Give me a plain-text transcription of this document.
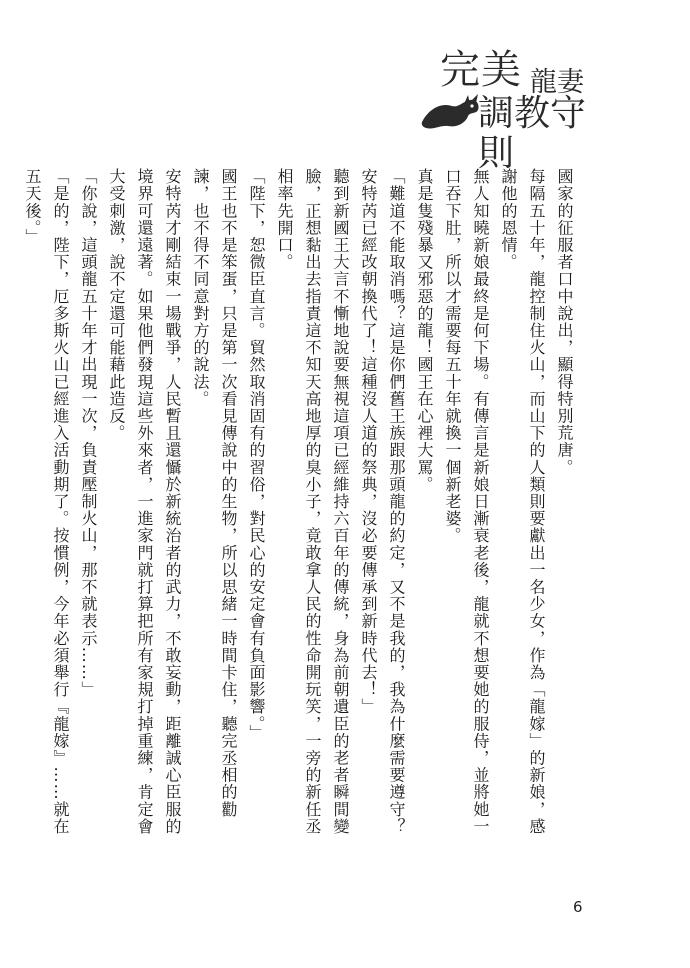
完美 龍妻
調教守則
國家的征服者口中說出，顯得特別荒唐。
每隔五十年，龍控制住火山，而山下的人類則要獻出一名少女，作為「龍嫁」的新娘，感謝他的恩情。
無人知曉新娘最終是何下場。有傳言是新娘日漸衰老後，龍就不想要她的服侍，並將她一口吞下肚，所以才需要每五十年就換一個新老婆。
真是隻殘暴又邪惡的龍！國王在心裡大罵。
「難道不能取消嗎？這是你們舊王族跟那頭龍的約定，又不是我的，我為什麼需要遵守？安特芮已經改朝換代了！這種沒人道的祭典，沒必要傳承到新時代去！」
聽到新國王大言不慚地說要無視這項已經維持六百年的傳統，身為前朝遺臣的老者瞬間變臉，正想黏出去指責這不知天高地厚的臭小子，竟敢拿人民的性命開玩笑，一旁的新任丞相率先開口。
「陛下，恕微臣直言。貿然取消固有的習俗，對民心的安定會有負面影響。」
國王也不是笨蛋，只是第一次看見傳說中的生物，所以思緒一時間卡住，聽完丞相的勸諫，也不得不同意對方的說法。
安特芮才剛結束一場戰爭，人民暫且還懾於新統治者的武力，不敢妄動，距離誠心臣服的境界可還遠著。如果他們發現這些外來者，一進家門就打算把所有家規打掉重練，肯定會大受刺激，說不定還可能藉此造反。
「你說，這頭龍五十年才出現一次，負責壓制火山，那不就表示……」
「是的，陛下，厄多斯火山已經進入活動期了。按慣例，今年必須舉行『龍嫁』……就在五天後。」
6
